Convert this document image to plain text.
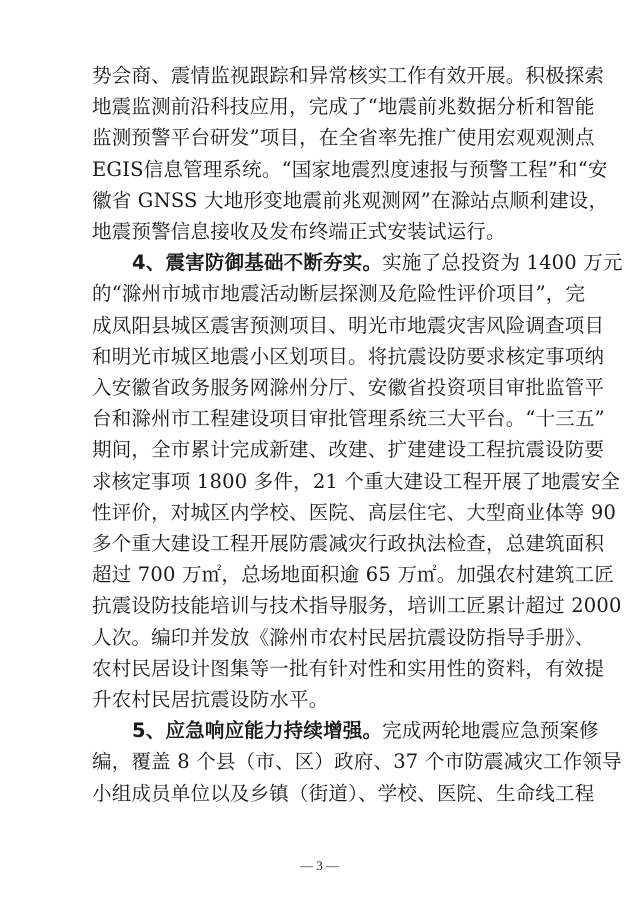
势会商、震情监视跟踪和异常核实工作有效开展。积极探索
地震监测前沿科技应用，完成了“地震前兆数据分析和智能
监测预警平台研发”项目，在全省率先推广使用宏观观测点
EGIS信息管理系统。“国家地震烈度速报与预警工程”和“安
徽省 GNSS 大地形变地震前兆观测网”在滁站点顺利建设，
地震预警信息接收及发布终端正式安装试运行。
4、震害防御基础不断夯实。实施了总投资为 1400 万元
的“滁州市城市地震活动断层探测及危险性评价项目”，完
成凤阳县城区震害预测项目、明光市地震灾害风险调查项目
和明光市城区地震小区划项目。将抗震设防要求核定事项纳
入安徽省政务服务网滁州分厅、安徽省投资项目审批监管平
台和滁州市工程建设项目审批管理系统三大平台。“十三五”
期间，全市累计完成新建、改建、扩建建设工程抗震设防要
求核定事项 1800 多件，21 个重大建设工程开展了地震安全
性评价，对城区内学校、医院、高层住宅、大型商业体等 90
多个重大建设工程开展防震减灾行政执法检查，总建筑面积
超过 700 万㎡，总场地面积逾 65 万㎡。加强农村建筑工匠
抗震设防技能培训与技术指导服务，培训工匠累计超过 2000
人次。编印并发放《滁州市农村民居抗震设防指导手册》、
农村民居设计图集等一批有针对性和实用性的资料，有效提
升农村民居抗震设防水平。
5、应急响应能力持续增强。完成两轮地震应急预案修
编，覆盖 8 个县（市、区）政府、37 个市防震减灾工作领导
小组成员单位以及乡镇（街道）、学校、医院、生命线工程
— 3 —
